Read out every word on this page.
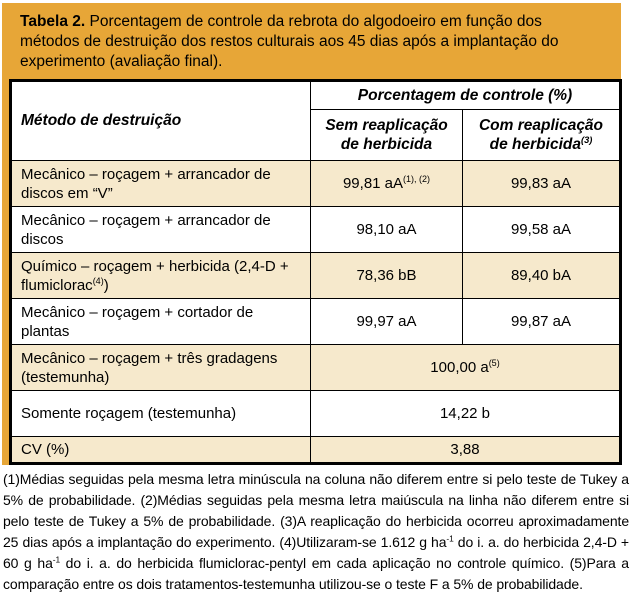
Tabela 2. Porcentagem de controle da rebrota do algodoeiro em função dos métodos de destruição dos restos culturais aos 45 dias após a implantação do experimento (avaliação final).

Método de destruição	Porcentagem de controle (%)	
	Sem reaplicação de herbicida	Com reaplicação de herbicida$^{(3)}$
Mecânico – roçagem + arrancador de discos em “V”	99,81 $aA^{(1), (2)}$	99,83 aA
Mecânico – roçagem + arrancador de discos	98,10 aA	99,58 aA
Químico – roçagem + herbicida (2,4-D + flumiclorac$^{(4)}$)	78,36 bB	89,40 bA
Mecânico – roçagem + cortador de plantas	99,97 aA	99,87 aA
Mecânico – roçagem + três gradagens (testemunha)	100,00 $a^{(5)}$
Somente roçagem (testemunha)	14,22 b	
CV (%)	3,88	

(1)Médias seguidas pela mesma letra minúscula na coluna não diferem entre si pelo teste de Tukey a 5% de probabilidade. (2)Médias seguidas pela mesma letra maiúscula na linha não diferem entre si pelo teste de Tukey a 5% de probabilidade. (3)A reaplicação do herbicida ocorreu aproximadamente 25 dias após a implantação do experimento. (4)Utilizaram-se 1.612 g $ha^{-1}$ do i. a. do herbicida 2,4-D + 60 g $ha^{-1}$ do i. a. do herbicida flumiclorac-pentyl em cada aplicação no controle químico. (5)Para a comparação entre os dois tratamentos-testemunha utilizou-se o teste F a 5% de probabilidade.
